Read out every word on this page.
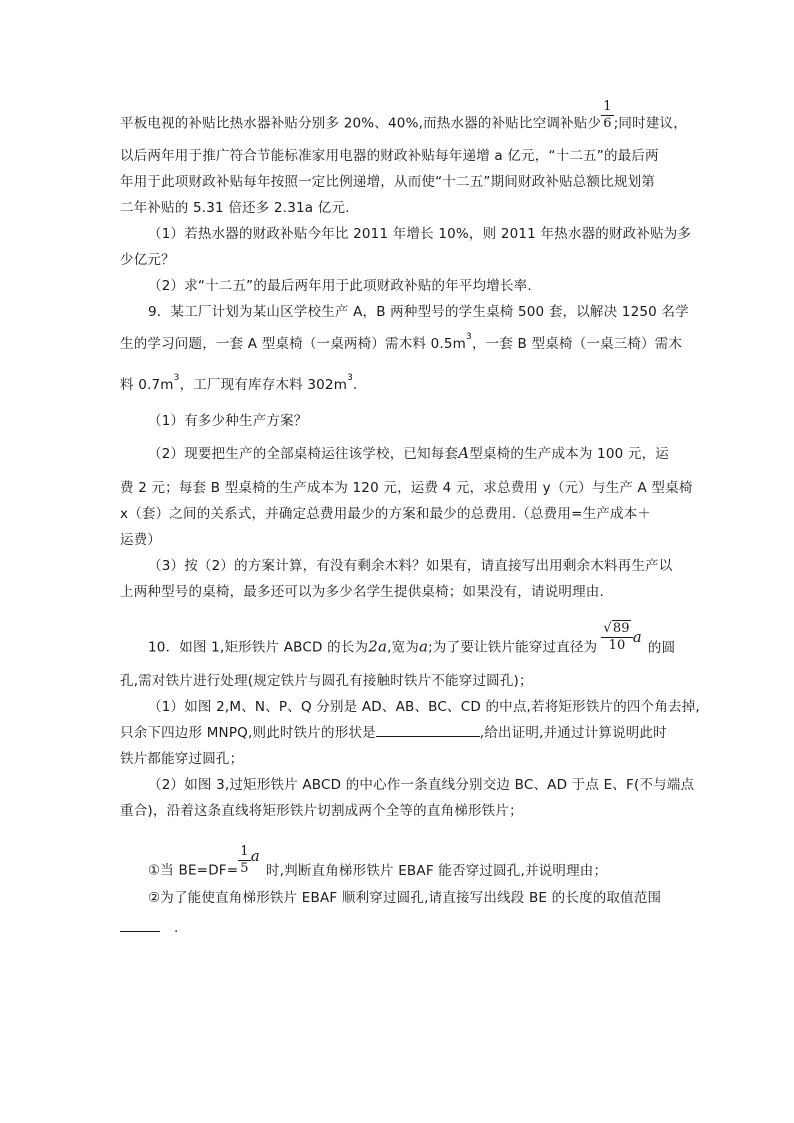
平板电视的补贴比热水器补贴分别多 20%、40%,而热水器的补贴比空调补贴少 $\frac{1}{6}$ ;同时建议，
以后两年用于推广符合节能标准家用电器的财政补贴每年递增 a 亿元，“十二五”的最后两
年用于此项财政补贴每年按照一定比例递增，从而使“十二五”期间财政补贴总额比规划第
二年补贴的 5.31 倍还多 2.31a 亿元.
（1）若热水器的财政补贴今年比 2011 年增长 10%，则 2011 年热水器的财政补贴为多
少亿元？
（2）求“十二五”的最后两年用于此项财政补贴的年平均增长率.
9．某工厂计划为某山区学校生产 A，B 两种型号的学生桌椅 500 套，以解决 1250 名学
生的学习问题，一套 A 型桌椅（一桌两椅）需木料 $0.5m^3$，一套 B 型桌椅（一桌三椅）需木
料 $0.7m^3$，工厂现有库存木料 $302m^3$.
（1）有多少种生产方案？
（2）现要把生产的全部桌椅运往该学校，已知每套A型桌椅的生产成本为 100 元，运
费 2 元；每套 B 型桌椅的生产成本为 120 元，运费 4 元，求总费用 y（元）与生产 A 型桌椅
x（套）之间的关系式，并确定总费用最少的方案和最少的总费用.（总费用=生产成本＋
运费）
（3）按（2）的方案计算，有没有剩余木料？如果有，请直接写出用剩余木料再生产以
上两种型号的桌椅，最多还可以为多少名学生提供桌椅；如果没有，请说明理由.
10．如图 1,矩形铁片 ABCD 的长为2a,宽为a;为了要让铁片能穿过直径为 $\frac{√89}{10}$ a的圆
孔,需对铁片进行处理(规定铁片与圆孔有接触时铁片不能穿过圆孔)；
（1）如图 2,M、N、P、Q 分别是 AD、AB、BC、CD 的中点,若将矩形铁片的四个角去掉,
只余下四边形 MNPQ,则此时铁片的形状是	,给出证明,并通过计算说明此时
铁片都能穿过圆孔；
（2）如图 3,过矩形铁片 ABCD 的中心作一条直线分别交边 BC、AD 于点 E、F(不与端点
重合)，沿着这条直线将矩形铁片切割成两个全等的直角梯形铁片；
①当 $BE=DF= \frac{1}{5}$ a时,判断直角梯形铁片 EBAF 能否穿过圆孔,并说明理由；
②为了能使直角梯形铁片 EBAF 顺利穿过圆孔,请直接写出线段 BE 的长度的取值范围
.
